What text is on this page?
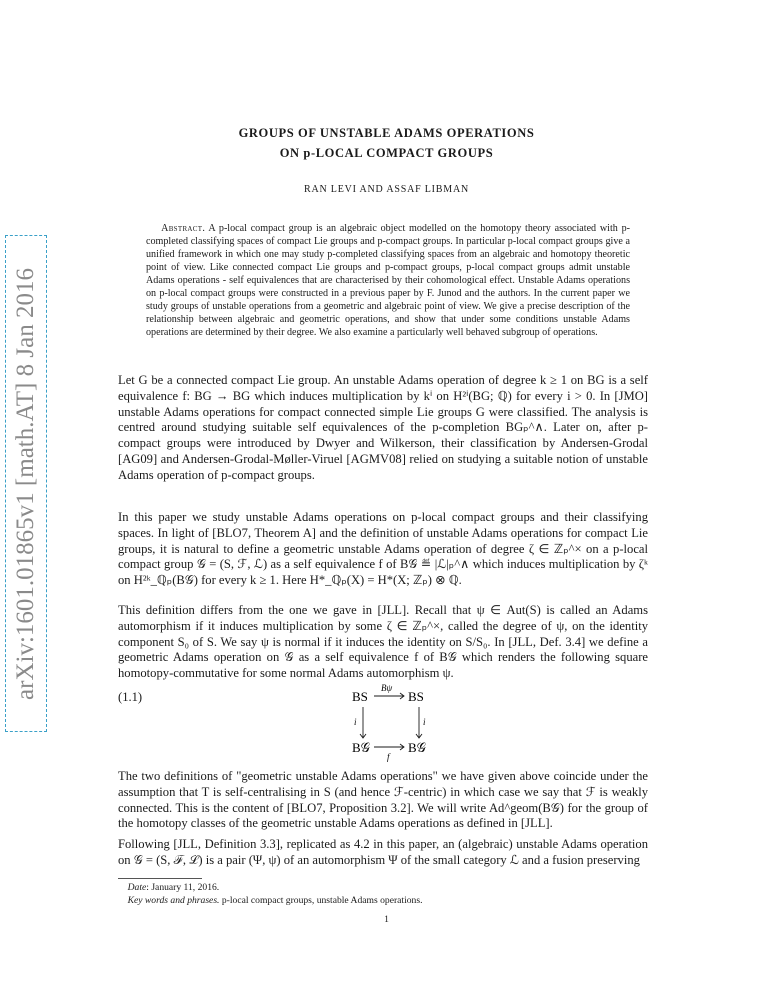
arXiv:1601.01865v1 [math.AT] 8 Jan 2016
GROUPS OF UNSTABLE ADAMS OPERATIONS
ON p-LOCAL COMPACT GROUPS
RAN LEVI AND ASSAF LIBMAN
Abstract. A p-local compact group is an algebraic object modelled on the homotopy theory associated with p-completed classifying spaces of compact Lie groups and p-compact groups. In particular p-local compact groups give a unified framework in which one may study p-completed classifying spaces from an algebraic and homotopy theoretic point of view. Like connected compact Lie groups and p-compact groups, p-local compact groups admit unstable Adams operations - self equivalences that are characterised by their cohomological effect. Unstable Adams operations on p-local compact groups were constructed in a previous paper by F. Junod and the authors. In the current paper we study groups of unstable operations from a geometric and algebraic point of view. We give a precise description of the relationship between algebraic and geometric operations, and show that under some conditions unstable Adams operations are determined by their degree. We also examine a particularly well behaved subgroup of operations.
Let G be a connected compact Lie group. An unstable Adams operation of degree k ≥ 1 on BG is a self equivalence f: BG → BG which induces multiplication by kⁱ on H²ⁱ(BG; ℚ) for every i > 0. In [JMO] unstable Adams operations for compact connected simple Lie groups G were classified. The analysis is centred around studying suitable self equivalences of the p-completion BGₚ^∧. Later on, after p-compact groups were introduced by Dwyer and Wilkerson, their classification by Andersen-Grodal [AG09] and Andersen-Grodal-Møller-Viruel [AGMV08] relied on studying a suitable notion of unstable Adams operation of p-compact groups.
In this paper we study unstable Adams operations on p-local compact groups and their classifying spaces. In light of [BLO7, Theorem A] and the definition of unstable Adams operations for compact Lie groups, it is natural to define a geometric unstable Adams operation of degree ζ ∈ ℤₚ^× on a p-local compact group 𝒢 = (S, ℱ, ℒ) as a self equivalence f of B𝒢 ≝ |ℒ|ₚ^∧ which induces multiplication by ζᵏ on H²ᵏ_ℚₚ(B𝒢) for every k ≥ 1. Here H*_ℚₚ(X) = H*(X; ℤₚ) ⊗ ℚ.
This definition differs from the one we gave in [JLL]. Recall that ψ ∈ Aut(S) is called an Adams automorphism if it induces multiplication by some ζ ∈ ℤₚ^×, called the degree of ψ, on the identity component S₀ of S. We say ψ is normal if it induces the identity on S/S₀. In [JLL, Def. 3.4] we define a geometric Adams operation on 𝒢 as a self equivalence f of B𝒢 which renders the following square homotopy-commutative for some normal Adams automorphism ψ.
(1.1)	BS	BS
B𝒢	B𝒢
Bψ
f
i	i
The two definitions of "geometric unstable Adams operations" we have given above coincide under the assumption that T is self-centralising in S (and hence ℱ-centric) in which case we say that ℱ is weakly connected. This is the content of [BLO7, Proposition 3.2]. We will write Ad^geom(B𝒢) for the group of the homotopy classes of the geometric unstable Adams operations as defined in [JLL].
Following [JLL, Definition 3.3], replicated as 4.2 in this paper, an (algebraic) unstable Adams operation on 𝒢 = (S, ℱ, ℒ) is a pair (Ψ, ψ) of an automorphism Ψ of the small category ℒ and a fusion preserving
Date: January 11, 2016.
Key words and phrases. p-local compact groups, unstable Adams operations.
1
